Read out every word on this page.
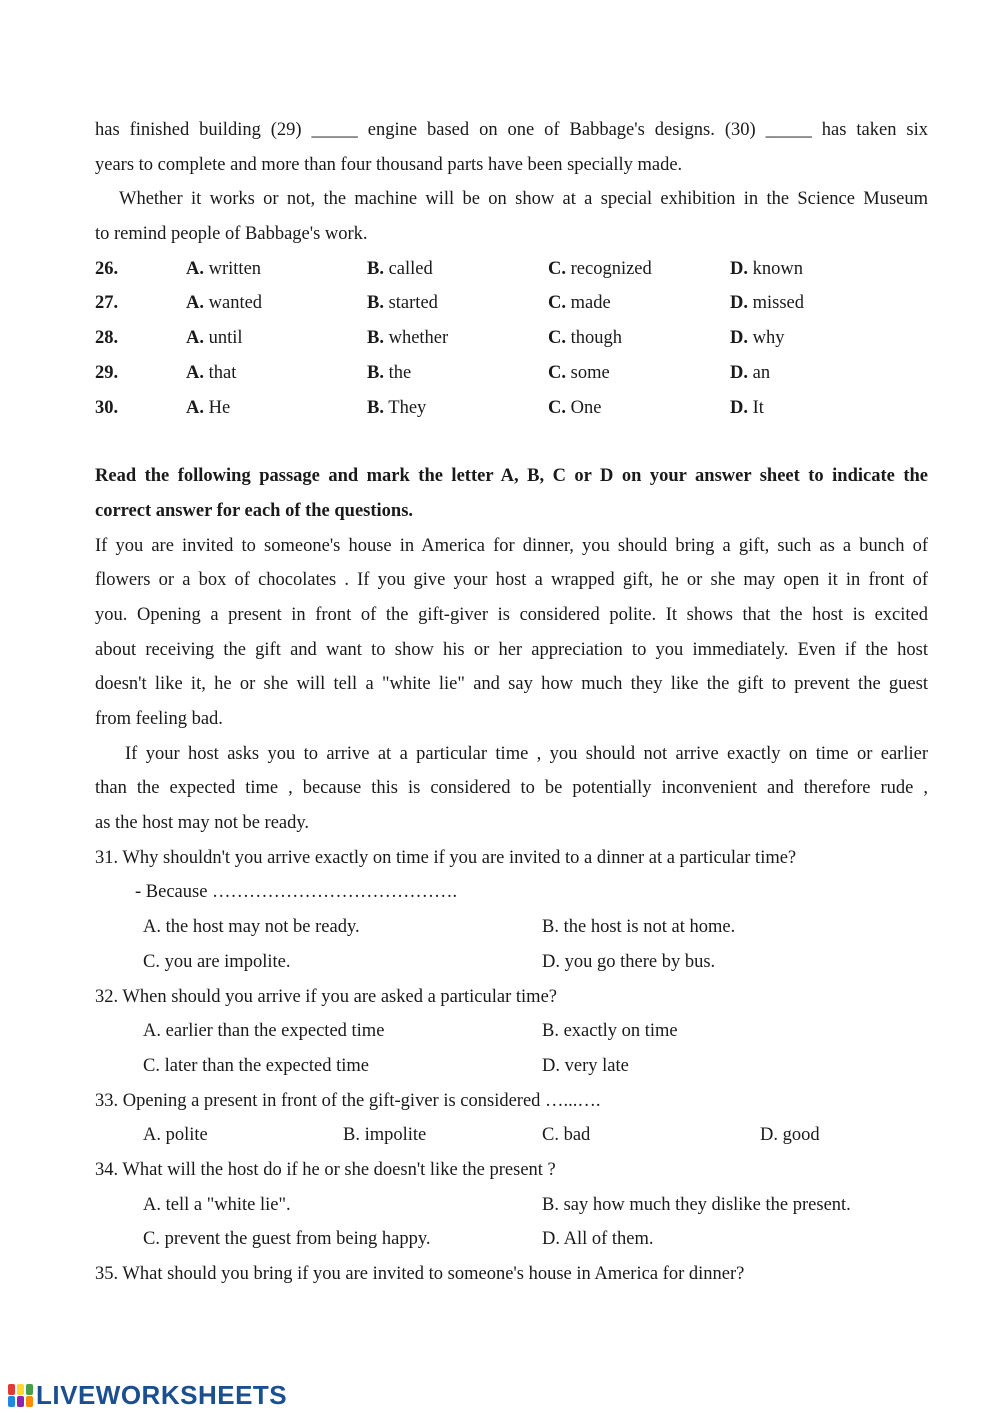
has finished building (29) _____ engine based on one of Babbage's designs. (30) _____ has taken six
years to complete and more than four thousand parts have been specially made.
Whether it works or not, the machine will be on show at a special exhibition in the Science Museum
to remind people of Babbage's work.
26.	A. written	B. called	C. recognized	D. known
27.	A. wanted	B. started	C. made	D. missed
28.	A. until	B. whether	C. though	D. why
29.	A. that	B. the	C. some	D. an
30.	A. He	B. They	C. One	D. It
Read the following passage and mark the letter A, B, C or D on your answer sheet to indicate the
correct answer for each of the questions.
If you are invited to someone's house in America for dinner, you should bring a gift, such as a bunch of
flowers or a box of chocolates . If you give your host a wrapped gift, he or she may open it in front of
you. Opening a present in front of the gift-giver is considered polite. It shows that the host is excited
about receiving the gift and want to show his or her appreciation to you immediately. Even if the host
doesn't like it, he or she will tell a "white lie" and say how much they like the gift to prevent the guest
from feeling bad.
If your host asks you to arrive at a particular time , you should not arrive exactly on time or earlier
than the expected time , because this is considered to be potentially inconvenient and therefore rude ,
as the host may not be ready.
31. Why shouldn't you arrive exactly on time if you are invited to a dinner at a particular time?
- Because ………………………………….
A. the host may not be ready.	B. the host is not at home.
C. you are impolite.	D. you go there by bus.
32. When should you arrive if you are asked a particular time?
A. earlier than the expected time	B. exactly on time
C. later than the expected time	D. very late
33. Opening a present in front of the gift-giver is considered …...….
A. polite	B. impolite	C. bad	D. good
34. What will the host do if he or she doesn't like the present ?
A. tell a "white lie".	B. say how much they dislike the present.
C. prevent the guest from being happy.	D. All of them.
35. What should you bring if you are invited to someone's house in America for dinner?
LIVEWORKSHEETS
